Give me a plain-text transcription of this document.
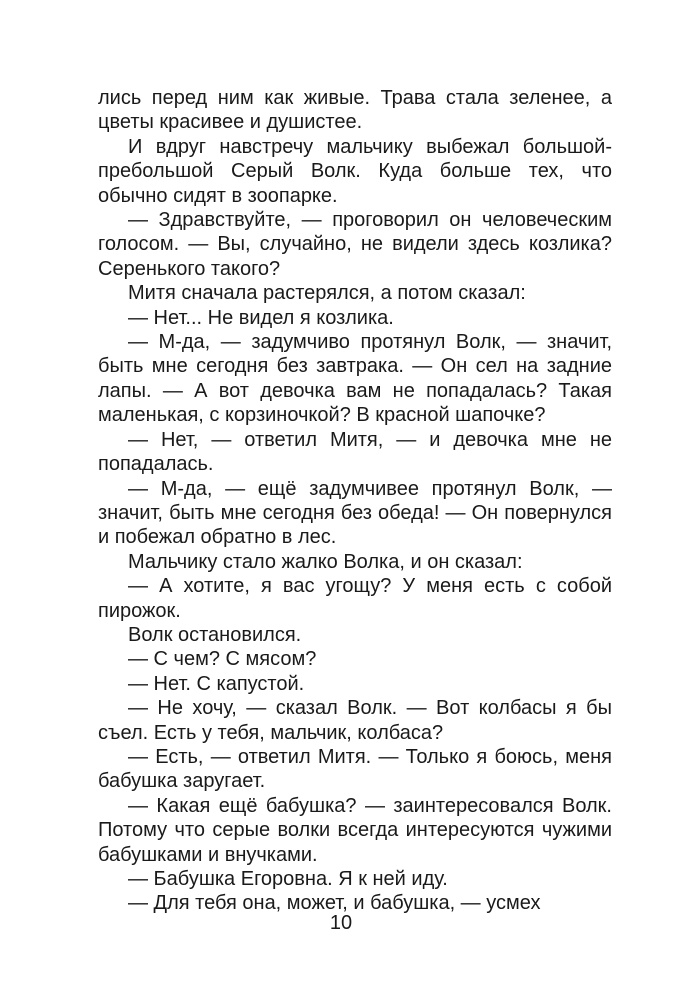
лись перед ним как живые. Трава стала зеленее, а цветы красивее и душистее.

И вдруг навстречу мальчику выбежал большой-пребольшой Серый Волк. Куда больше тех, что обычно сидят в зоопарке.

— Здравствуйте, — проговорил он человеческим голосом. — Вы, случайно, не видели здесь козлика? Серенького такого?

Митя сначала растерялся, а потом сказал:

— Нет... Не видел я козлика.

— М-да, — задумчиво протянул Волк, — значит, быть мне сегодня без завтрака. — Он сел на задние лапы. — А вот девочка вам не попадалась? Такая маленькая, с корзиночкой? В красной шапочке?

— Нет, — ответил Митя, — и девочка мне не попадалась.

— М-да, — ещё задумчивее протянул Волк, — значит, быть мне сегодня без обеда! — Он повернулся и побежал обратно в лес.

Мальчику стало жалко Волка, и он сказал:

— А хотите, я вас угощу? У меня есть с собой пирожок.

Волк остановился.

— С чем? С мясом?

— Нет. С капустой.

— Не хочу, — сказал Волк. — Вот колбасы я бы съел. Есть у тебя, мальчик, колбаса?

— Есть, — ответил Митя. — Только я боюсь, меня бабушка заругает.

— Какая ещё бабушка? — заинтересовался Волк. Потому что серые волки всегда интересуются чужими бабушками и внучками.

— Бабушка Егоровна. Я к ней иду.

— Для тебя она, может, и бабушка, — усмех

10
